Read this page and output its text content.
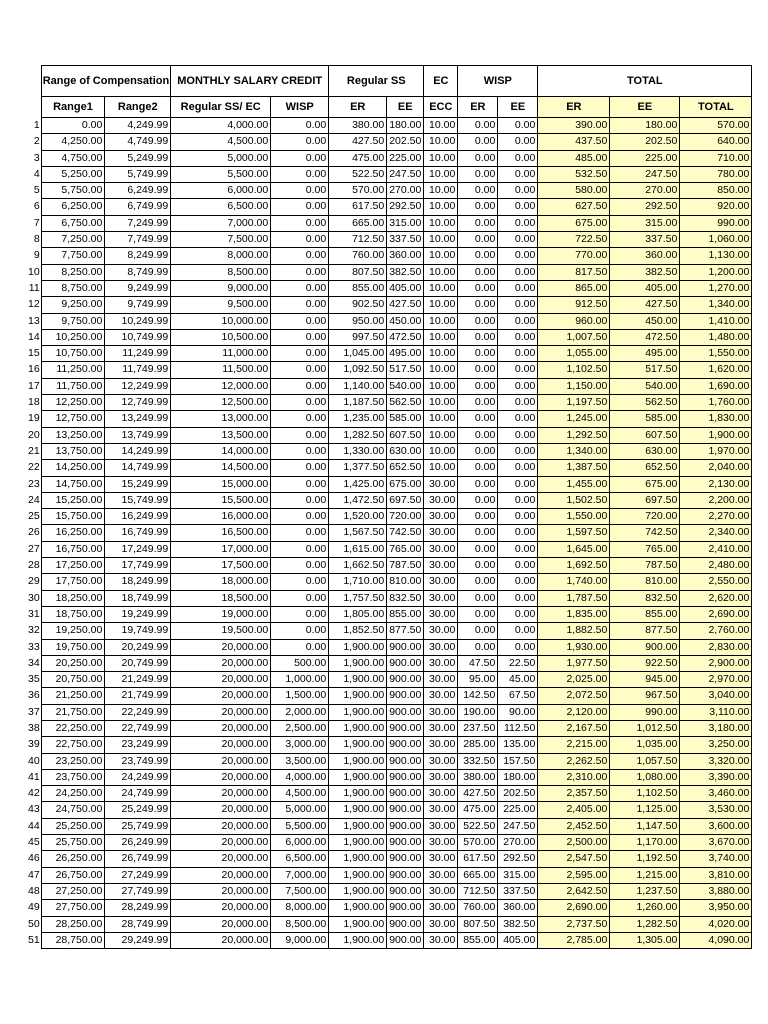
	Range of Compensation		MONTHLY SALARY CREDIT		Regular SS		EC	WISP		TOTAL		
	Range1	Range2	Regular SS/ EC	WISP	ER	EE	ECC	ER	EE	ER	EE	TOTAL
1	0.00	4,249.99	4,000.00	0.00	380.00	180.00	10.00	0.00	0.00	390.00	180.00	570.00
2	4,250.00	4,749.99	4,500.00	0.00	427.50	202.50	10.00	0.00	0.00	437.50	202.50	640.00
3	4,750.00	5,249.99	5,000.00	0.00	475.00	225.00	10.00	0.00	0.00	485.00	225.00	710.00
4	5,250.00	5,749.99	5,500.00	0.00	522.50	247.50	10.00	0.00	0.00	532.50	247.50	780.00
5	5,750.00	6,249.99	6,000.00	0.00	570.00	270.00	10.00	0.00	0.00	580.00	270.00	850.00
6	6,250.00	6,749.99	6,500.00	0.00	617.50	292.50	10.00	0.00	0.00	627.50	292.50	920.00
7	6,750.00	7,249.99	7,000.00	0.00	665.00	315.00	10.00	0.00	0.00	675.00	315.00	990.00
8	7,250.00	7,749.99	7,500.00	0.00	712.50	337.50	10.00	0.00	0.00	722.50	337.50	1,060.00
9	7,750.00	8,249.99	8,000.00	0.00	760.00	360.00	10.00	0.00	0.00	770.00	360.00	1,130.00
10	8,250.00	8,749.99	8,500.00	0.00	807.50	382.50	10.00	0.00	0.00	817.50	382.50	1,200.00
11	8,750.00	9,249.99	9,000.00	0.00	855.00	405.00	10.00	0.00	0.00	865.00	405.00	1,270.00
12	9,250.00	9,749.99	9,500.00	0.00	902.50	427.50	10.00	0.00	0.00	912.50	427.50	1,340.00
13	9,750.00	10,249.99	10,000.00	0.00	950.00	450.00	10.00	0.00	0.00	960.00	450.00	1,410.00
14	10,250.00	10,749.99	10,500.00	0.00	997.50	472.50	10.00	0.00	0.00	1,007.50	472.50	1,480.00
15	10,750.00	11,249.99	11,000.00	0.00	1,045.00	495.00	10.00	0.00	0.00	1,055.00	495.00	1,550.00
16	11,250.00	11,749.99	11,500.00	0.00	1,092.50	517.50	10.00	0.00	0.00	1,102.50	517.50	1,620.00
17	11,750.00	12,249.99	12,000.00	0.00	1,140.00	540.00	10.00	0.00	0.00	1,150.00	540.00	1,690.00
18	12,250.00	12,749.99	12,500.00	0.00	1,187.50	562.50	10.00	0.00	0.00	1,197.50	562.50	1,760.00
19	12,750.00	13,249.99	13,000.00	0.00	1,235.00	585.00	10.00	0.00	0.00	1,245.00	585.00	1,830.00
20	13,250.00	13,749.99	13,500.00	0.00	1,282.50	607.50	10.00	0.00	0.00	1,292.50	607.50	1,900.00
21	13,750.00	14,249.99	14,000.00	0.00	1,330.00	630.00	10.00	0.00	0.00	1,340.00	630.00	1,970.00
22	14,250.00	14,749.99	14,500.00	0.00	1,377.50	652.50	10.00	0.00	0.00	1,387.50	652.50	2,040.00
23	14,750.00	15,249.99	15,000.00	0.00	1,425.00	675.00	30.00	0.00	0.00	1,455.00	675.00	2,130.00
24	15,250.00	15,749.99	15,500.00	0.00	1,472.50	697.50	30.00	0.00	0.00	1,502.50	697.50	2,200.00
25	15,750.00	16,249.99	16,000.00	0.00	1,520.00	720.00	30.00	0.00	0.00	1,550.00	720.00	2,270.00
26	16,250.00	16,749.99	16,500.00	0.00	1,567.50	742.50	30.00	0.00	0.00	1,597.50	742.50	2,340.00
27	16,750.00	17,249.99	17,000.00	0.00	1,615.00	765.00	30.00	0.00	0.00	1,645.00	765.00	2,410.00
28	17,250.00	17,749.99	17,500.00	0.00	1,662.50	787.50	30.00	0.00	0.00	1,692.50	787.50	2,480.00
29	17,750.00	18,249.99	18,000.00	0.00	1,710.00	810.00	30.00	0.00	0.00	1,740.00	810.00	2,550.00
30	18,250.00	18,749.99	18,500.00	0.00	1,757.50	832.50	30.00	0.00	0.00	1,787.50	832.50	2,620.00
31	18,750.00	19,249.99	19,000.00	0.00	1,805.00	855.00	30.00	0.00	0.00	1,835.00	855.00	2,690.00
32	19,250.00	19,749.99	19,500.00	0.00	1,852.50	877.50	30.00	0.00	0.00	1,882.50	877.50	2,760.00
33	19,750.00	20,249.99	20,000.00	0.00	1,900.00	900.00	30.00	0.00	0.00	1,930.00	900.00	2,830.00
34	20,250.00	20,749.99	20,000.00	500.00	1,900.00	900.00	30.00	47.50	22.50	1,977.50	922.50	2,900.00
35	20,750.00	21,249.99	20,000.00	1,000.00	1,900.00	900.00	30.00	95.00	45.00	2,025.00	945.00	2,970.00
36	21,250.00	21,749.99	20,000.00	1,500.00	1,900.00	900.00	30.00	142.50	67.50	2,072.50	967.50	3,040.00
37	21,750.00	22,249.99	20,000.00	2,000.00	1,900.00	900.00	30.00	190.00	90.00	2,120.00	990.00	3,110.00
38	22,250.00	22,749.99	20,000.00	2,500.00	1,900.00	900.00	30.00	237.50	112.50	2,167.50	1,012.50	3,180.00
39	22,750.00	23,249.99	20,000.00	3,000.00	1,900.00	900.00	30.00	285.00	135.00	2,215.00	1,035.00	3,250.00
40	23,250.00	23,749.99	20,000.00	3,500.00	1,900.00	900.00	30.00	332.50	157.50	2,262.50	1,057.50	3,320.00
41	23,750.00	24,249.99	20,000.00	4,000.00	1,900.00	900.00	30.00	380.00	180.00	2,310.00	1,080.00	3,390.00
42	24,250.00	24,749.99	20,000.00	4,500.00	1,900.00	900.00	30.00	427.50	202.50	2,357.50	1,102.50	3,460.00
43	24,750.00	25,249.99	20,000.00	5,000.00	1,900.00	900.00	30.00	475.00	225.00	2,405.00	1,125.00	3,530.00
44	25,250.00	25,749.99	20,000.00	5,500.00	1,900.00	900.00	30.00	522.50	247.50	2,452.50	1,147.50	3,600.00
45	25,750.00	26,249.99	20,000.00	6,000.00	1,900.00	900.00	30.00	570.00	270.00	2,500.00	1,170.00	3,670.00
46	26,250.00	26,749.99	20,000.00	6,500.00	1,900.00	900.00	30.00	617.50	292.50	2,547.50	1,192.50	3,740.00
47	26,750.00	27,249.99	20,000.00	7,000.00	1,900.00	900.00	30.00	665.00	315.00	2,595.00	1,215.00	3,810.00
48	27,250.00	27,749.99	20,000.00	7,500.00	1,900.00	900.00	30.00	712.50	337.50	2,642.50	1,237.50	3,880.00
49	27,750.00	28,249.99	20,000.00	8,000.00	1,900.00	900.00	30.00	760.00	360.00	2,690.00	1,260.00	3,950.00
50	28,250.00	28,749.99	20,000.00	8,500.00	1,900.00	900.00	30.00	807.50	382.50	2,737.50	1,282.50	4,020.00
51	28,750.00	29,249.99	20,000.00	9,000.00	1,900.00	900.00	30.00	855.00	405.00	2,785.00	1,305.00	4,090.00
